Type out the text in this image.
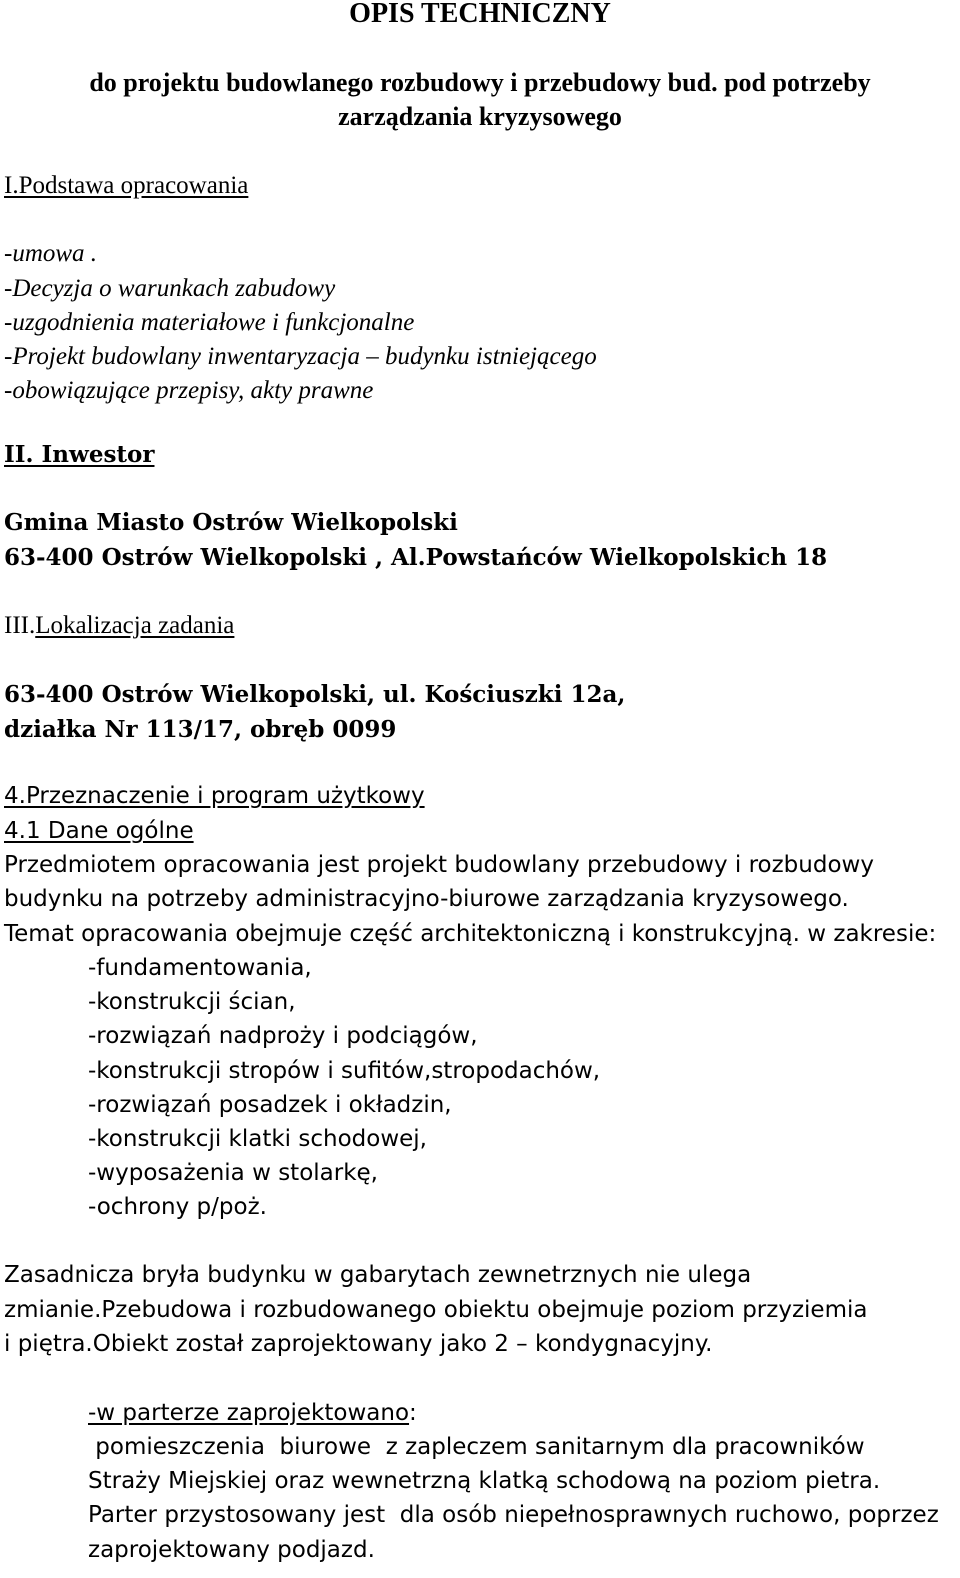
OPIS TECHNICZNY
do projektu budowlanego rozbudowy i przebudowy bud. pod potrzeby
zarządzania kryzysowego
I.Podstawa opracowania
-umowa .
-Decyzja o warunkach zabudowy
-uzgodnienia materiałowe i funkcjonalne
-Projekt budowlany inwentaryzacja – budynku istniejącego
-obowiązujące przepisy, akty prawne
II. Inwestor
Gmina Miasto Ostrów Wielkopolski
63-400 Ostrów Wielkopolski , Al.Powstańców Wielkopolskich 18
III.Lokalizacja zadania
63-400 Ostrów Wielkopolski, ul. Kościuszki 12a,
działka Nr 113/17, obręb 0099
4.Przeznaczenie i program użytkowy
4.1 Dane ogólne
Przedmiotem opracowania jest projekt budowlany przebudowy i rozbudowy
budynku na potrzeby administracyjno-biurowe zarządzania kryzysowego.
Temat opracowania obejmuje część architektoniczną i konstrukcyjną. w zakresie:
-fundamentowania,
-konstrukcji ścian,
-rozwiązań nadproży i podciągów,
-konstrukcji stropów i sufitów,stropodachów,
-rozwiązań posadzek i okładzin,
-konstrukcji klatki schodowej,
-wyposażenia w stolarkę,
-ochrony p/poż.
Zasadnicza bryła budynku w gabarytach zewnetrznych nie ulega
zmianie.Pzebudowa i rozbudowanego obiektu obejmuje poziom przyziemia
i piętra.Obiekt został zaprojektowany jako 2 – kondygnacyjny.
-w parterze zaprojektowano:
pomieszczenia  biurowe  z zapleczem sanitarnym dla pracowników
Straży Miejskiej oraz wewnetrzną klatką schodową na poziom pietra.
Parter przystosowany jest  dla osób niepełnosprawnych ruchowo, poprzez
zaprojektowany podjazd.
